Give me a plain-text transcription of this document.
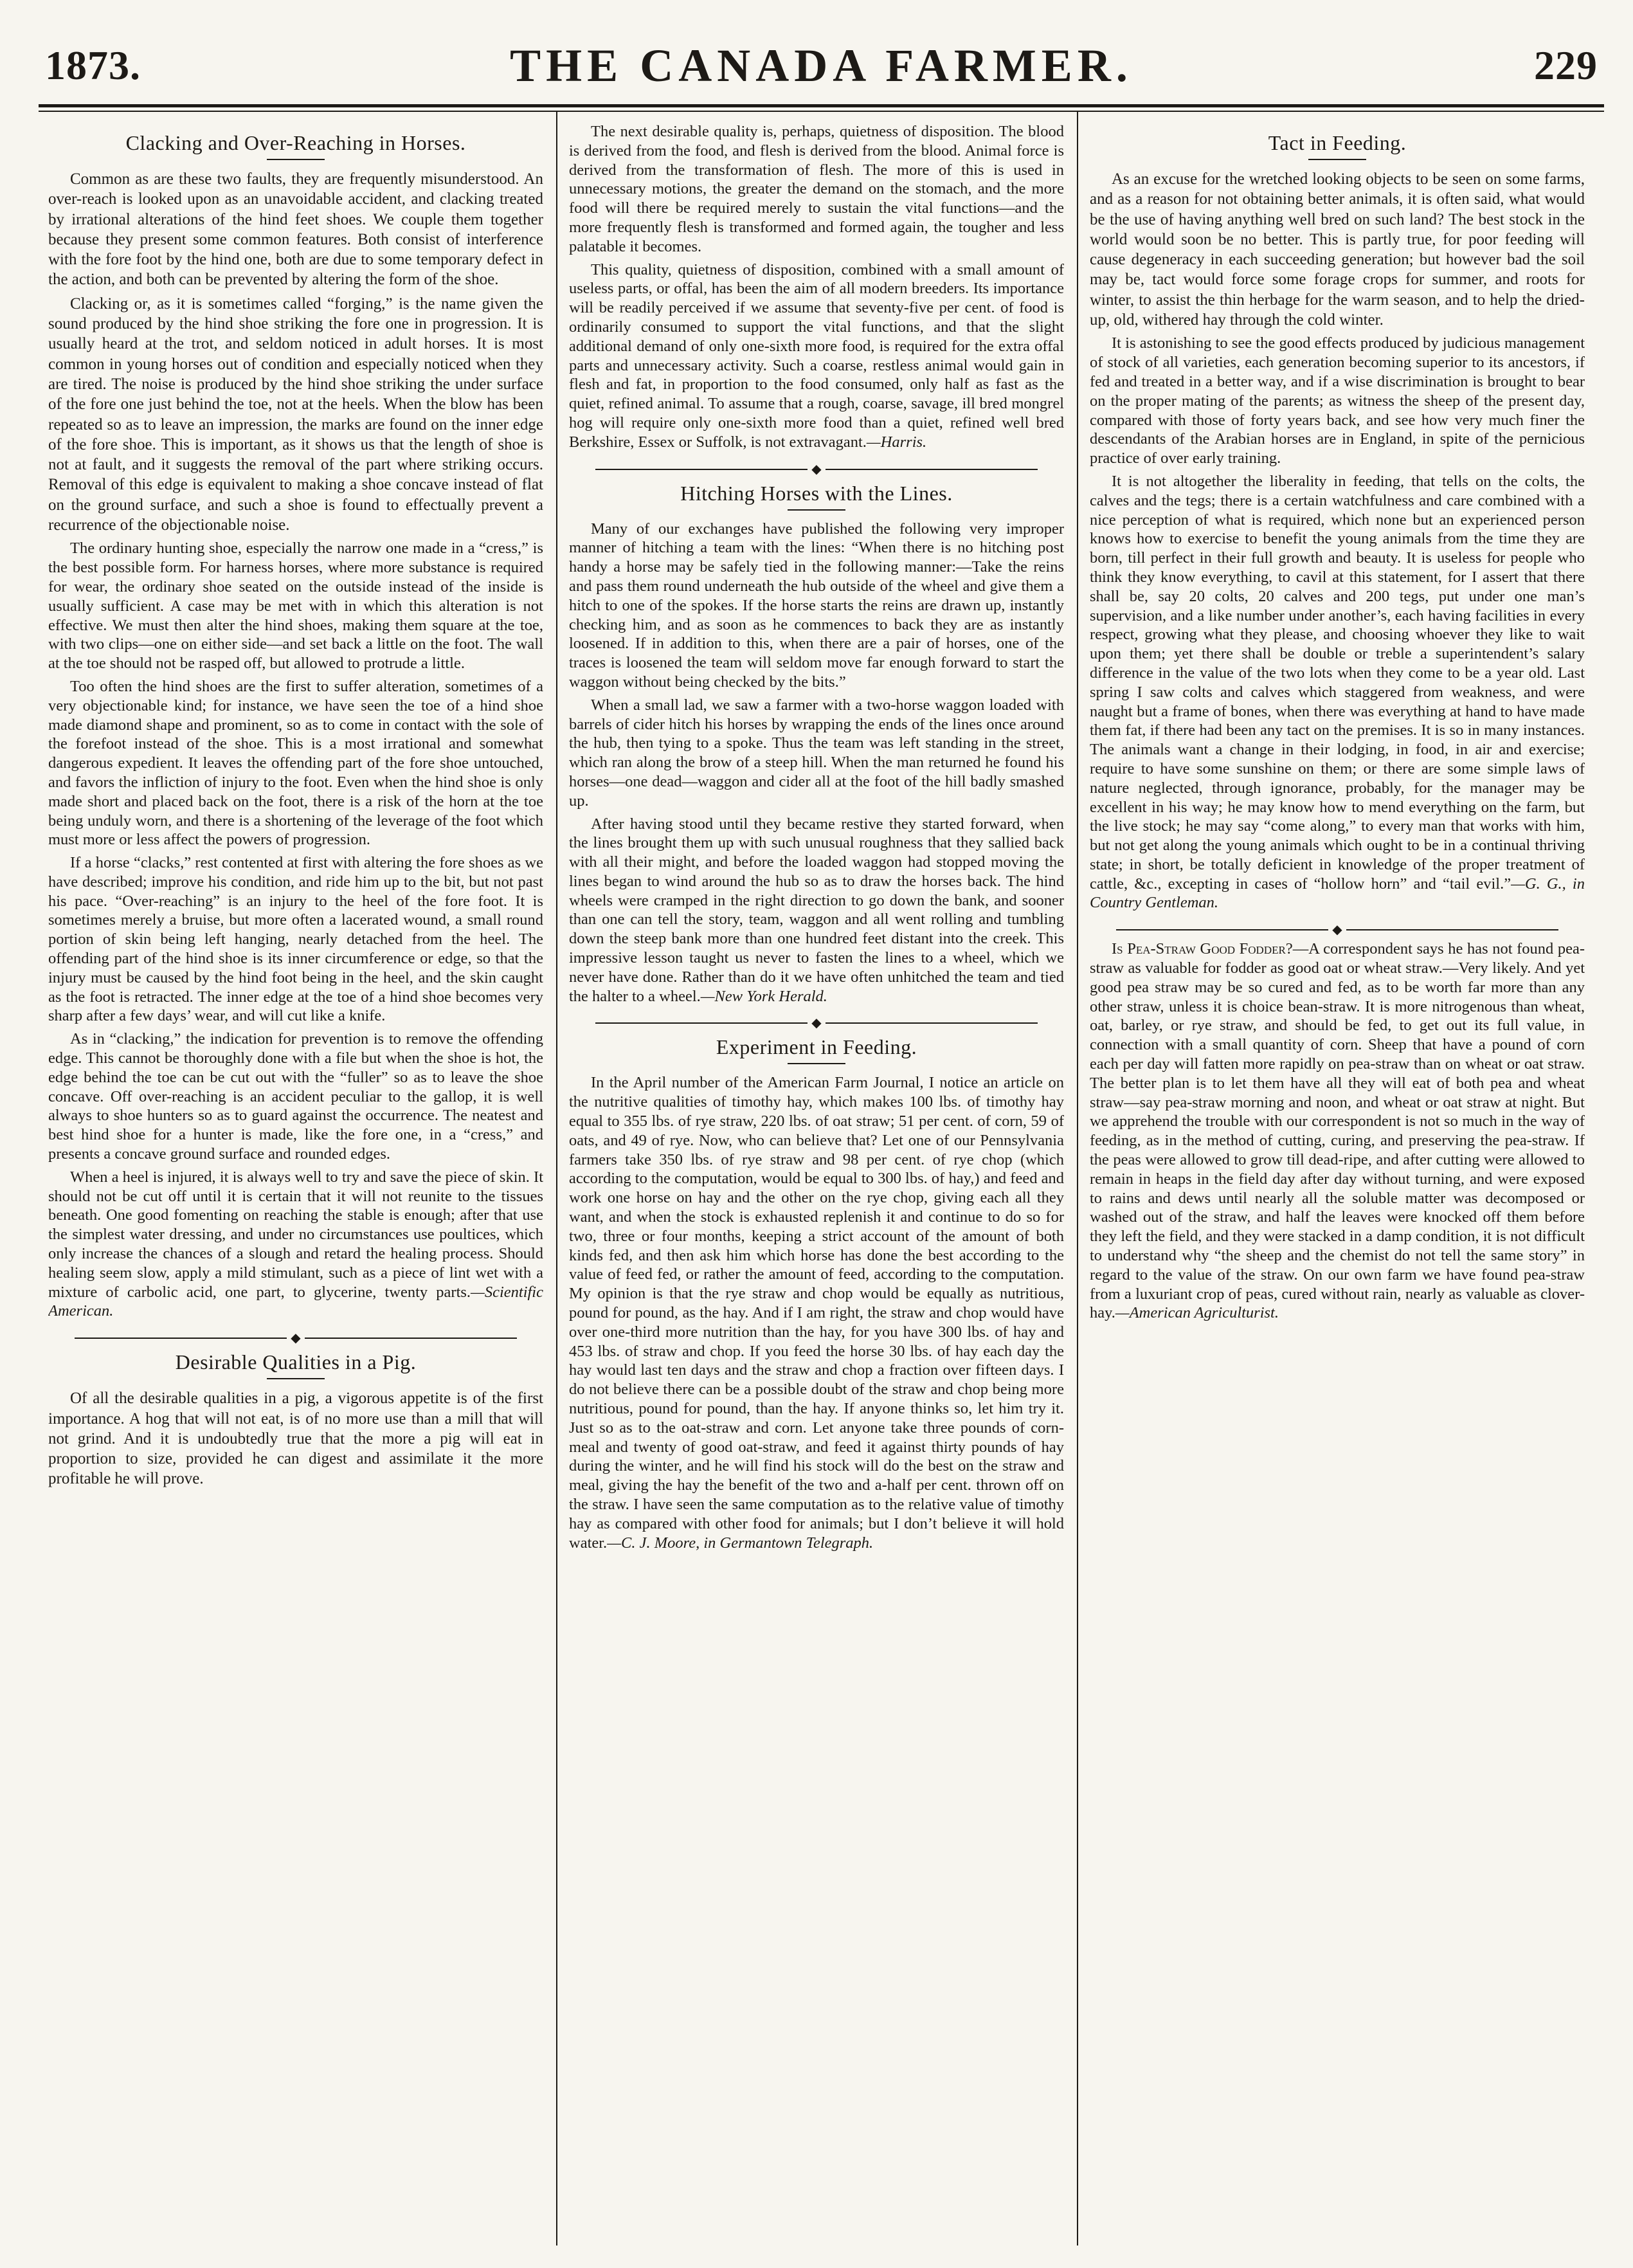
1873.	THE CANADA FARMER.	229
Clacking and Over-Reaching in Horses.

Common as are these two faults, they are frequently misunderstood. An over-reach is looked upon as an unavoidable accident, and clacking treated by irrational alterations of the hind feet shoes. We couple them together because they present some common features. Both consist of interference with the fore foot by the hind one, both are due to some temporary defect in the action, and both can be prevented by altering the form of the shoe.

Clacking or, as it is sometimes called “forging,” is the name given the sound produced by the hind shoe striking the fore one in progression. It is usually heard at the trot, and seldom noticed in adult horses. It is most common in young horses out of condition and especially noticed when they are tired. The noise is produced by the hind shoe striking the under surface of the fore one just behind the toe, not at the heels. When the blow has been repeated so as to leave an impression, the marks are found on the inner edge of the fore shoe. This is important, as it shows us that the length of shoe is not at fault, and it suggests the removal of the part where striking occurs. Removal of this edge is equivalent to making a shoe concave instead of flat on the ground surface, and such a shoe is found to effectually prevent a recurrence of the objectionable noise.

The ordinary hunting shoe, especially the narrow one made in a “cress,” is the best possible form. For harness horses, where more substance is required for wear, the ordinary shoe seated on the outside instead of the inside is usually sufficient. A case may be met with in which this alteration is not effective. We must then alter the hind shoes, making them square at the toe, with two clips—one on either side—and set back a little on the foot. The wall at the toe should not be rasped off, but allowed to protrude a little.

Too often the hind shoes are the first to suffer alteration, sometimes of a very objectionable kind; for instance, we have seen the toe of a hind shoe made diamond shape and prominent, so as to come in contact with the sole of the forefoot instead of the shoe. This is a most irrational and somewhat dangerous expedient. It leaves the offending part of the fore shoe untouched, and favors the infliction of injury to the foot. Even when the hind shoe is only made short and placed back on the foot, there is a risk of the horn at the toe being unduly worn, and there is a shortening of the leverage of the foot which must more or less affect the powers of progression.

If a horse “clacks,” rest contented at first with altering the fore shoes as we have described; improve his condition, and ride him up to the bit, but not past his pace. “Over-reaching” is an injury to the heel of the fore foot. It is sometimes merely a bruise, but more often a lacerated wound, a small round portion of skin being left hanging, nearly detached from the heel. The offending part of the hind shoe is its inner circumference or edge, so that the injury must be caused by the hind foot being in the heel, and the skin caught as the foot is retracted. The inner edge at the toe of a hind shoe becomes very sharp after a few days’ wear, and will cut like a knife.

As in “clacking,” the indication for prevention is to remove the offending edge. This cannot be thoroughly done with a file but when the shoe is hot, the edge behind the toe can be cut out with the “fuller” so as to leave the shoe concave. Off over-reaching is an accident peculiar to the gallop, it is well always to shoe hunters so as to guard against the occurrence. The neatest and best hind shoe for a hunter is made, like the fore one, in a “cress,” and presents a concave ground surface and rounded edges.

When a heel is injured, it is always well to try and save the piece of skin. It should not be cut off until it is certain that it will not reunite to the tissues beneath. One good fomenting on reaching the stable is enough; after that use the simplest water dressing, and under no circumstances use poultices, which only increase the chances of a slough and retard the healing process. Should healing seem slow, apply a mild stimulant, such as a piece of lint wet with a mixture of carbolic acid, one part, to glycerine, twenty parts.—Scientific American.

◆
Desirable Qualities in a Pig.

Of all the desirable qualities in a pig, a vigorous appetite is of the first importance. A hog that will not eat, is of no more use than a mill that will not grind. And it is undoubtedly true that the more a pig will eat in proportion to size, provided he can digest and assimilate it the more profitable he will prove.

The next desirable quality is, perhaps, quietness of disposition. The blood is derived from the food, and flesh is derived from the blood. Animal force is derived from the transformation of flesh. The more of this is used in unnecessary motions, the greater the demand on the stomach, and the more food will there be required merely to sustain the vital functions—and the more frequently flesh is transformed and formed again, the tougher and less palatable it becomes.

This quality, quietness of disposition, combined with a small amount of useless parts, or offal, has been the aim of all modern breeders. Its importance will be readily perceived if we assume that seventy-five per cent. of food is ordinarily consumed to support the vital functions, and that the slight additional demand of only one-sixth more food, is required for the extra offal parts and unnecessary activity. Such a coarse, restless animal would gain in flesh and fat, in proportion to the food consumed, only half as fast as the quiet, refined animal. To assume that a rough, coarse, savage, ill bred mongrel hog will require only one-sixth more food than a quiet, refined well bred Berkshire, Essex or Suffolk, is not extravagant.—Harris.

◆
Hitching Horses with the Lines.

Many of our exchanges have published the following very improper manner of hitching a team with the lines: “When there is no hitching post handy a horse may be safely tied in the following manner:—Take the reins and pass them round underneath the hub outside of the wheel and give them a hitch to one of the spokes. If the horse starts the reins are drawn up, instantly checking him, and as soon as he commences to back they are as instantly loosened. If in addition to this, when there are a pair of horses, one of the traces is loosened the team will seldom move far enough forward to start the waggon without being checked by the bits.”

When a small lad, we saw a farmer with a two-horse waggon loaded with barrels of cider hitch his horses by wrapping the ends of the lines once around the hub, then tying to a spoke. Thus the team was left standing in the street, which ran along the brow of a steep hill. When the man returned he found his horses—one dead—waggon and cider all at the foot of the hill badly smashed up.

After having stood until they became restive they started forward, when the lines brought them up with such unusual roughness that they sallied back with all their might, and before the loaded waggon had stopped moving the lines began to wind around the hub so as to draw the horses back. The hind wheels were cramped in the right direction to go down the bank, and sooner than one can tell the story, team, waggon and all went rolling and tumbling down the steep bank more than one hundred feet distant into the creek. This impressive lesson taught us never to fasten the lines to a wheel, which we never have done. Rather than do it we have often unhitched the team and tied the halter to a wheel.—New York Herald.

◆
Experiment in Feeding.

In the April number of the American Farm Journal, I notice an article on the nutritive qualities of timothy hay, which makes 100 lbs. of timothy hay equal to 355 lbs. of rye straw, 220 lbs. of oat straw; 51 per cent. of corn, 59 of oats, and 49 of rye. Now, who can believe that? Let one of our Pennsylvania farmers take 350 lbs. of rye straw and 98 per cent. of rye chop (which according to the computation, would be equal to 300 lbs. of hay,) and feed and work one horse on hay and the other on the rye chop, giving each all they want, and when the stock is exhausted replenish it and continue to do so for two, three or four months, keeping a strict account of the amount of both kinds fed, and then ask him which horse has done the best according to the value of feed fed, or rather the amount of feed, according to the computation. My opinion is that the rye straw and chop would be equally as nutritious, pound for pound, as the hay. And if I am right, the straw and chop would have over one-third more nutrition than the hay, for you have 300 lbs. of hay and 453 lbs. of straw and chop. If you feed the horse 30 lbs. of hay each day the hay would last ten days and the straw and chop a fraction over fifteen days. I do not believe there can be a possible doubt of the straw and chop being more nutritious, pound for pound, than the hay. If anyone thinks so, let him try it. Just so as to the oat-straw and corn. Let anyone take three pounds of corn-meal and twenty of good oat-straw, and feed it against thirty pounds of hay during the winter, and he will find his stock will do the best on the straw and meal, giving the hay the benefit of the two and a-half per cent. thrown off on the straw. I have seen the same computation as to the relative value of timothy hay as compared with other food for animals; but I don’t believe it will hold water.—C. J. Moore, in Germantown Telegraph.

Tact in Feeding.

As an excuse for the wretched looking objects to be seen on some farms, and as a reason for not obtaining better animals, it is often said, what would be the use of having anything well bred on such land? The best stock in the world would soon be no better. This is partly true, for poor feeding will cause degeneracy in each succeeding generation; but however bad the soil may be, tact would force some forage crops for summer, and roots for winter, to assist the thin herbage for the warm season, and to help the dried-up, old, withered hay through the cold winter.

It is astonishing to see the good effects produced by judicious management of stock of all varieties, each generation becoming superior to its ancestors, if fed and treated in a better way, and if a wise discrimination is brought to bear on the proper mating of the parents; as witness the sheep of the present day, compared with those of forty years back, and see how very much finer the descendants of the Arabian horses are in England, in spite of the pernicious practice of over early training.

It is not altogether the liberality in feeding, that tells on the colts, the calves and the tegs; there is a certain watchfulness and care combined with a nice perception of what is required, which none but an experienced person knows how to exercise to benefit the young animals from the time they are born, till perfect in their full growth and beauty. It is useless for people who think they know everything, to cavil at this statement, for I assert that there shall be, say 20 colts, 20 calves and 200 tegs, put under one man’s supervision, and a like number under another’s, each having facilities in every respect, growing what they please, and choosing whoever they like to wait upon them; yet there shall be double or treble a superintendent’s salary difference in the value of the two lots when they come to be a year old. Last spring I saw colts and calves which staggered from weakness, and were naught but a frame of bones, when there was everything at hand to have made them fat, if there had been any tact on the premises. It is so in many instances. The animals want a change in their lodging, in food, in air and exercise; require to have some sunshine on them; or there are some simple laws of nature neglected, through ignorance, probably, for the manager may be excellent in his way; he may know how to mend everything on the farm, but the live stock; he may say “come along,” to every man that works with him, but not get along the young animals which ought to be in a continual thriving state; in short, be totally deficient in knowledge of the proper treatment of cattle, &c., excepting in cases of “hollow horn” and “tail evil.”—G. G., in Country Gentleman.

◆

Is Pea-Straw Good Fodder?—A correspondent says he has not found pea-straw as valuable for fodder as good oat or wheat straw.—Very likely. And yet good pea straw may be so cured and fed, as to be worth far more than any other straw, unless it is choice bean-straw. It is more nitrogenous than wheat, oat, barley, or rye straw, and should be fed, to get out its full value, in connection with a small quantity of corn. Sheep that have a pound of corn each per day will fatten more rapidly on pea-straw than on wheat or oat straw. The better plan is to let them have all they will eat of both pea and wheat straw—say pea-straw morning and noon, and wheat or oat straw at night. But we apprehend the trouble with our correspondent is not so much in the way of feeding, as in the method of cutting, curing, and preserving the pea-straw. If the peas were allowed to grow till dead-ripe, and after cutting were allowed to remain in heaps in the field day after day without turning, and were exposed to rains and dews until nearly all the soluble matter was decomposed or washed out of the straw, and half the leaves were knocked off them before they left the field, and they were stacked in a damp condition, it is not difficult to understand why “the sheep and the chemist do not tell the same story” in regard to the value of the straw. On our own farm we have found pea-straw from a luxuriant crop of peas, cured without rain, nearly as valuable as clover-hay.—American Agriculturist.
